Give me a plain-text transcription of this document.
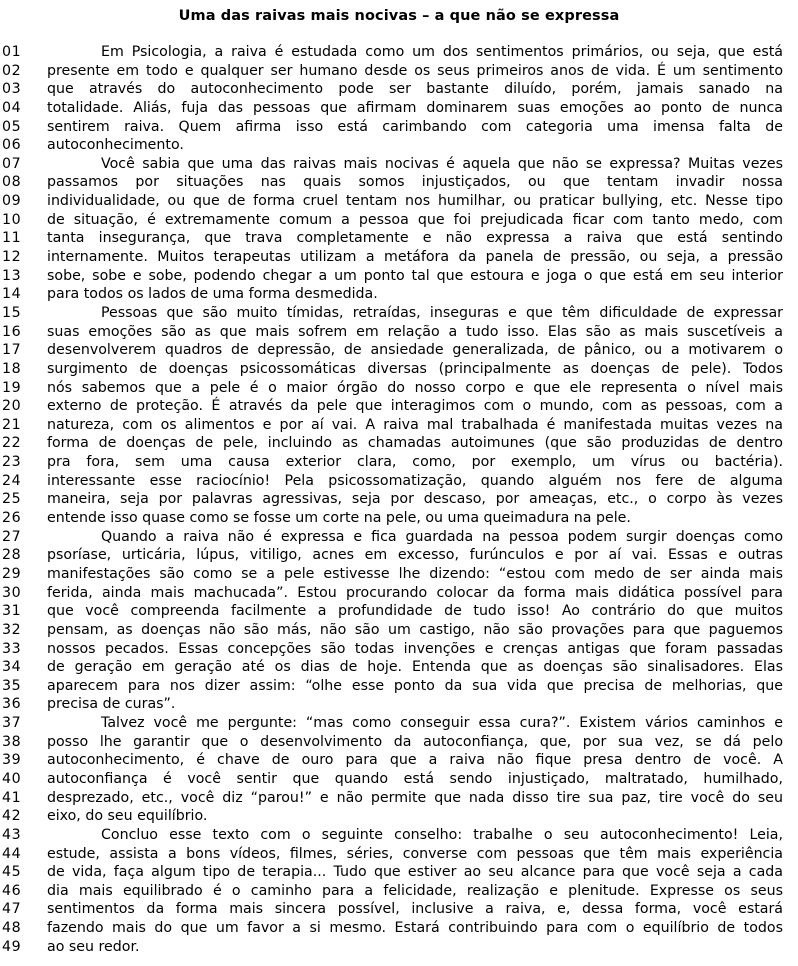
Uma das raivas mais nocivas – a que não se expressa
01	Em Psicologia, a raiva é estudada como um dos sentimentos primários, ou seja, que está
02	presente em todo e qualquer ser humano desde os seus primeiros anos de vida. É um sentimento
03	que através do autoconhecimento pode ser bastante diluído, porém, jamais sanado na
04	totalidade. Aliás, fuja das pessoas que afirmam dominarem suas emoções ao ponto de nunca
05	sentirem raiva. Quem afirma isso está carimbando com categoria uma imensa falta de
06	autoconhecimento.
07	Você sabia que uma das raivas mais nocivas é aquela que não se expressa? Muitas vezes
08	passamos por situações nas quais somos injustiçados, ou que tentam invadir nossa
09	individualidade, ou que de forma cruel tentam nos humilhar, ou praticar bullying, etc. Nesse tipo
10	de situação, é extremamente comum a pessoa que foi prejudicada ficar com tanto medo, com
11	tanta insegurança, que trava completamente e não expressa a raiva que está sentindo
12	internamente. Muitos terapeutas utilizam a metáfora da panela de pressão, ou seja, a pressão
13	sobe, sobe e sobe, podendo chegar a um ponto tal que estoura e joga o que está em seu interior
14	para todos os lados de uma forma desmedida.
15	Pessoas que são muito tímidas, retraídas, inseguras e que têm dificuldade de expressar
16	suas emoções são as que mais sofrem em relação a tudo isso. Elas são as mais suscetíveis a
17	desenvolverem quadros de depressão, de ansiedade generalizada, de pânico, ou a motivarem o
18	surgimento de doenças psicossomáticas diversas (principalmente as doenças de pele). Todos
19	nós sabemos que a pele é o maior órgão do nosso corpo e que ele representa o nível mais
20	externo de proteção. É através da pele que interagimos com o mundo, com as pessoas, com a
21	natureza, com os alimentos e por aí vai. A raiva mal trabalhada é manifestada muitas vezes na
22	forma de doenças de pele, incluindo as chamadas autoimunes (que são produzidas de dentro
23	pra fora, sem uma causa exterior clara, como, por exemplo, um vírus ou bactéria).
24	interessante esse raciocínio! Pela psicossomatização, quando alguém nos fere de alguma
25	maneira, seja por palavras agressivas, seja por descaso, por ameaças, etc., o corpo às vezes
26	entende isso quase como se fosse um corte na pele, ou uma queimadura na pele.
27	Quando a raiva não é expressa e fica guardada na pessoa podem surgir doenças como
28	psoríase, urticária, lúpus, vitiligo, acnes em excesso, furúnculos e por aí vai. Essas e outras
29	manifestações são como se a pele estivesse lhe dizendo: “estou com medo de ser ainda mais
30	ferida, ainda mais machucada”. Estou procurando colocar da forma mais didática possível para
31	que você compreenda facilmente a profundidade de tudo isso! Ao contrário do que muitos
32	pensam, as doenças não são más, não são um castigo, não são provações para que paguemos
33	nossos pecados. Essas concepções são todas invenções e crenças antigas que foram passadas
34	de geração em geração até os dias de hoje. Entenda que as doenças são sinalisadores. Elas
35	aparecem para nos dizer assim: “olhe esse ponto da sua vida que precisa de melhorias, que
36	precisa de curas”.
37	Talvez você me pergunte: “mas como conseguir essa cura?”. Existem vários caminhos e
38	posso lhe garantir que o desenvolvimento da autoconfiança, que, por sua vez, se dá pelo
39	autoconhecimento, é chave de ouro para que a raiva não fique presa dentro de você. A
40	autoconfiança é você sentir que quando está sendo injustiçado, maltratado, humilhado,
41	desprezado, etc., você diz “parou!” e não permite que nada disso tire sua paz, tire você do seu
42	eixo, do seu equilíbrio.
43	Concluo esse texto com o seguinte conselho: trabalhe o seu autoconhecimento! Leia,
44	estude, assista a bons vídeos, filmes, séries, converse com pessoas que têm mais experiência
45	de vida, faça algum tipo de terapia... Tudo que estiver ao seu alcance para que você seja a cada
46	dia mais equilibrado é o caminho para a felicidade, realização e plenitude. Expresse os seus
47	sentimentos da forma mais sincera possível, inclusive a raiva, e, dessa forma, você estará
48	fazendo mais do que um favor a si mesmo. Estará contribuindo para com o equilíbrio de todos
49	ao seu redor.
